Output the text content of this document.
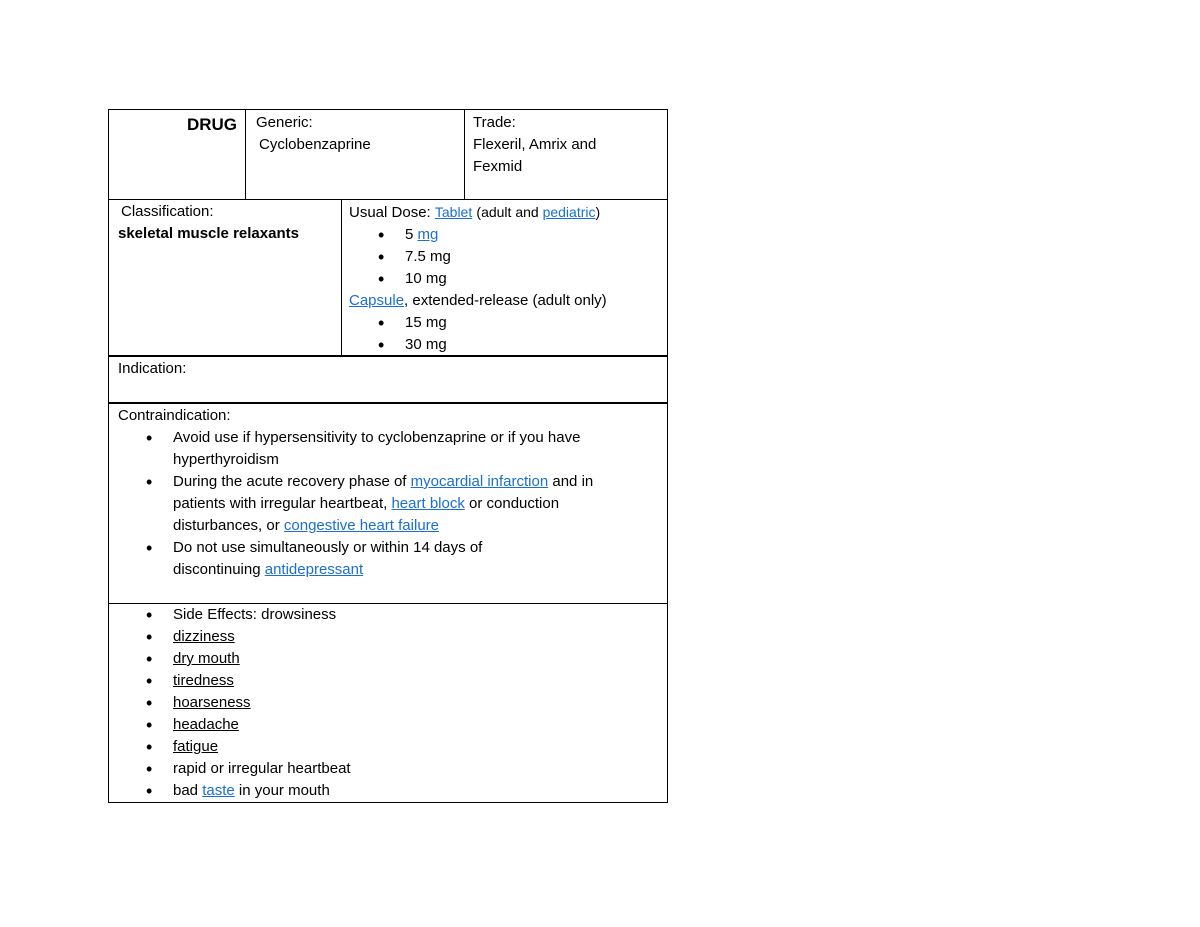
DRUG	Generic:
Cyclobenzaprine
Trade:
Flexeril, Amrix and
Fexmid
Classification:
skeletal muscle relaxants
Usual Dose: Tablet (adult and pediatric)
• 5 mg
• 7.5 mg
• 10 mg
Capsule, extended-release (adult only)
• 15 mg
• 30 mg
Indication:
Contraindication:
• Avoid use if hypersensitivity to cyclobenzaprine or if you have
hyperthyroidism
• During the acute recovery phase of myocardial infarction and in
patients with irregular heartbeat, heart block or conduction
disturbances, or congestive heart failure
• Do not use simultaneously or within 14 days of
discontinuing antidepressant
• Side Effects: drowsiness
• dizziness
• dry mouth
• tiredness
• hoarseness
• headache
• fatigue
• rapid or irregular heartbeat
• bad taste in your mouth
